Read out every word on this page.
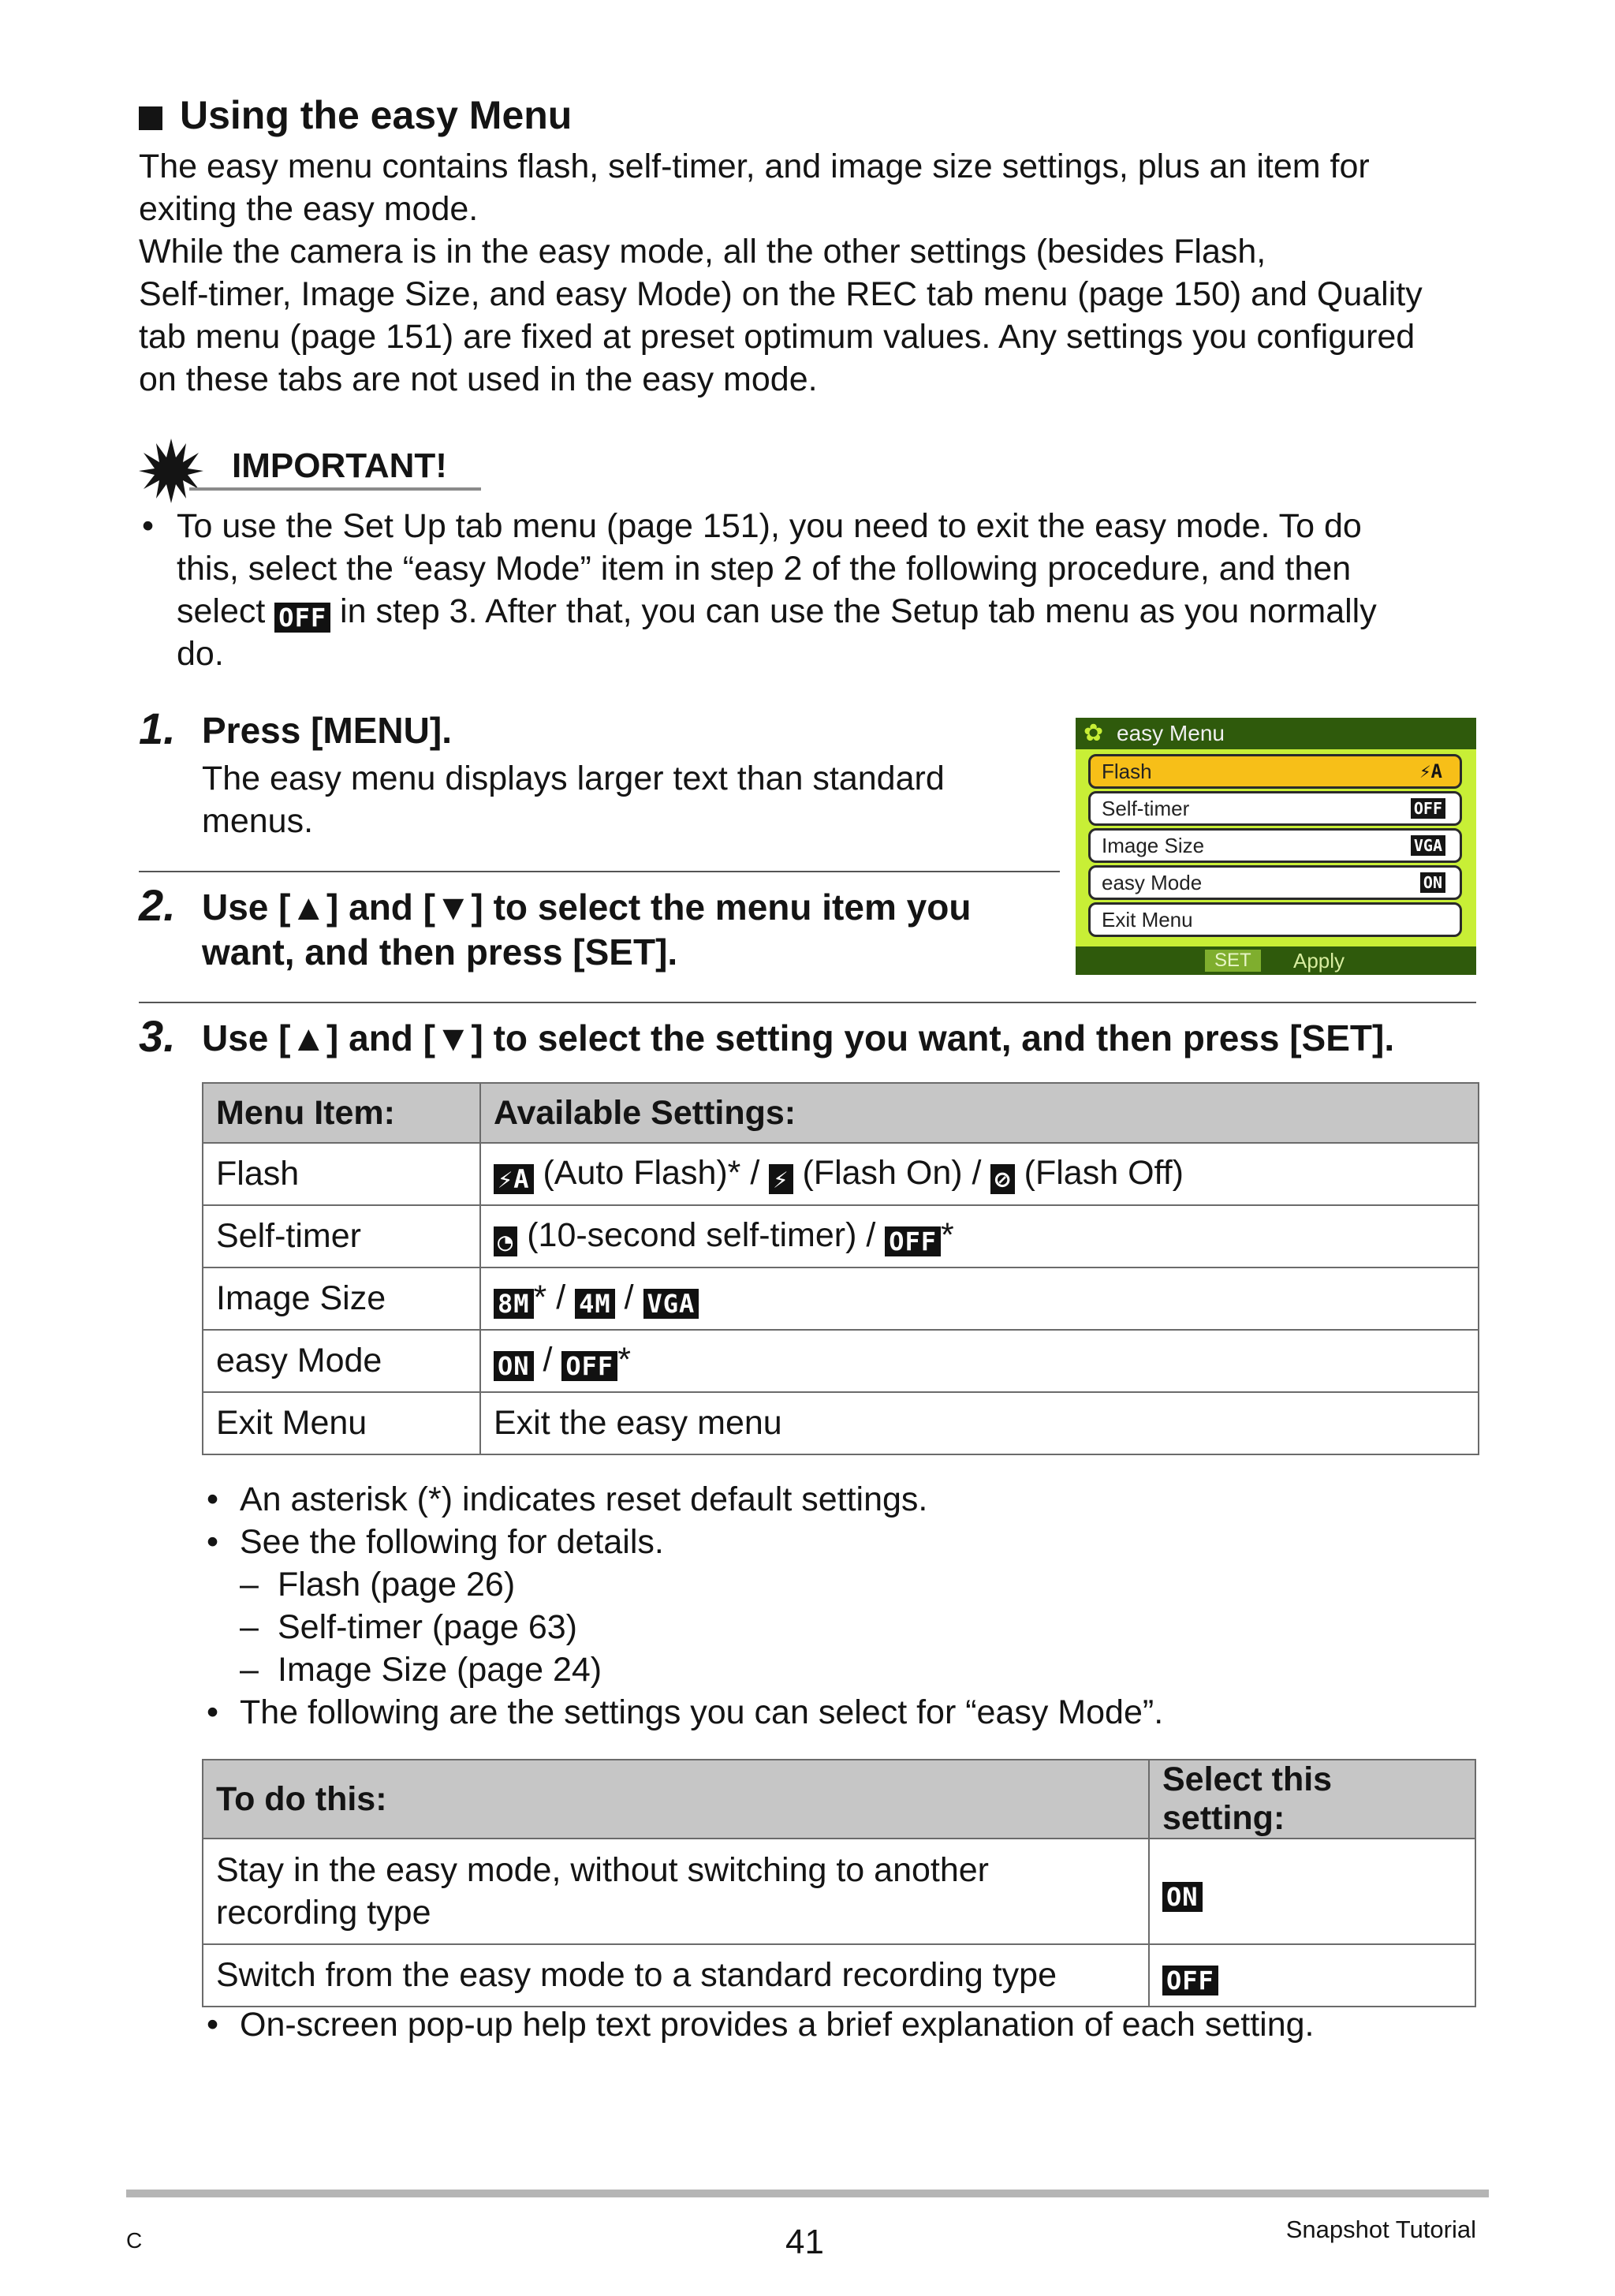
Using the easy Menu
The easy menu contains flash, self-timer, and image size settings, plus an item for
exiting the easy mode.
While the camera is in the easy mode, all the other settings (besides Flash,
Self-timer, Image Size, and easy Mode) on the REC tab menu (page 150) and Quality
tab menu (page 151) are fixed at preset optimum values. Any settings you configured
on these tabs are not used in the easy mode.
IMPORTANT!
• To use the Set Up tab menu (page 151), you need to exit the easy mode. To do
this, select the “easy Mode” item in step 2 of the following procedure, and then
select OFF in step 3. After that, you can use the Setup tab menu as you normally
do.
1. Press [MENU].
The easy menu displays larger text than standard
menus.
2. Use [▲] and [▼] to select the menu item you
want, and then press [SET].
✿ easy Menu
Flash	⚡A
Self-timer	OFF
Image Size	VGA
easy Mode	ON
Exit Menu
SET	Apply
3. Use [▲] and [▼] to select the setting you want, and then press [SET].
Menu Item:	Available Settings:
Flash	⚡A (Auto Flash)* / ⚡ (Flash On) / ⊘ (Flash Off)
Self-timer	◔ (10-second self-timer) / OFF *
Image Size	8M * / 4M / VGA
easy Mode	ON / OFF *
Exit Menu	Exit the easy menu
• An asterisk (*) indicates reset default settings.
• See the following for details.
– Flash (page 26)
– Self-timer (page 63)
– Image Size (page 24)
• The following are the settings you can select for “easy Mode”.
To do this:	Select this setting:

Stay in the easy mode, without switching to another
recording type	ON

Switch from the easy mode to a standard recording type	OFF
• On-screen pop-up help text provides a brief explanation of each setting.
C	41	Snapshot Tutorial
